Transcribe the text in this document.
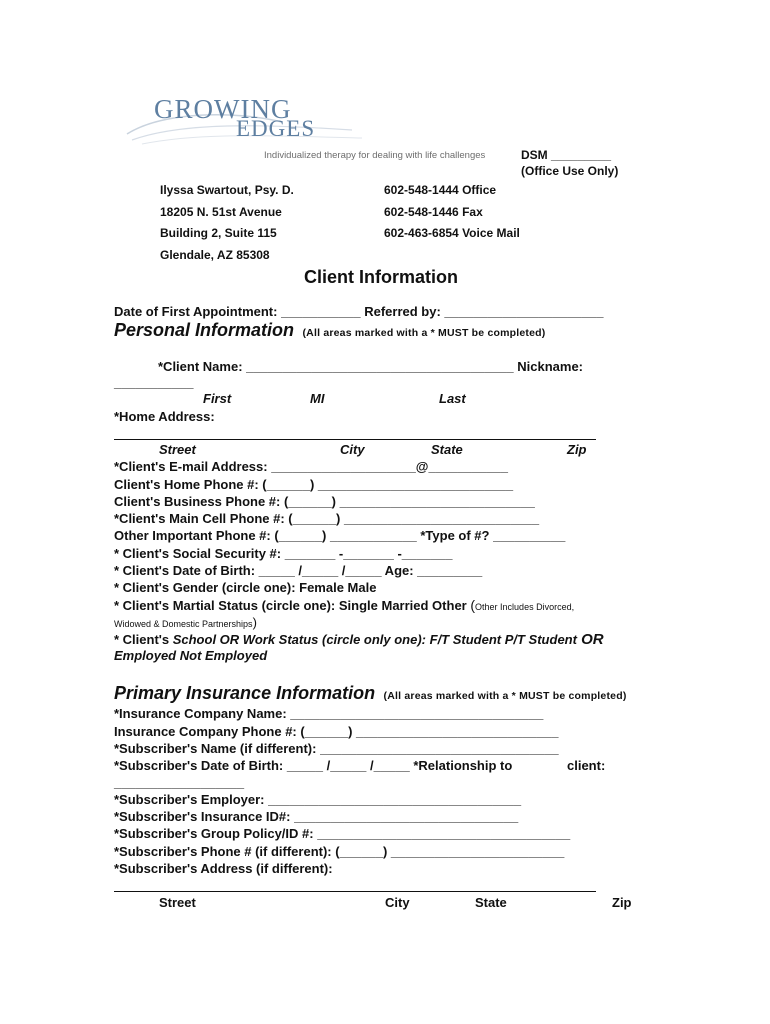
GROWING
EDGES
Individualized therapy for dealing with life challenges	DSM _________
(Office Use Only)
Ilyssa Swartout, Psy. D.	602-548-1444 Office
18205 N. 51st Avenue	602-548-1446 Fax
Building 2, Suite 115	602-463-6854 Voice Mail
Glendale, AZ 85308
Client Information
Date of First Appointment: ___________ Referred by: ______________________
Personal Information (All areas marked with a * MUST be completed)
*Client Name: _____________________________________ Nickname:
___________
First	MI	Last
*Home Address:
Street	City	State	Zip
*Client's E-mail Address: ____________________@___________
Client's Home Phone #: (______) ___________________________
Client's Business Phone #: (______) ___________________________
*Client's Main Cell Phone #: (______) ___________________________
Other Important Phone #: (______) ____________ *Type of #? __________
* Client's Social Security #: _______ -_______ -_______
* Client's Date of Birth: _____ /_____ /_____ Age: _________
* Client's Gender (circle one): Female Male
* Client's Martial Status (circle one): Single Married Other (Other Includes Divorced,
Widowed & Domestic Partnerships)
* Client's School OR Work Status (circle only one): F/T Student P/T Student OR
Employed Not Employed
Primary Insurance Information (All areas marked with a * MUST be completed)
*Insurance Company Name: ___________________________________
Insurance Company Phone #: (______) ____________________________
*Subscriber's Name (if different): _________________________________
*Subscriber's Date of Birth: _____ /_____ /_____ *Relationship to	client:
__________________
*Subscriber's Employer: ___________________________________
*Subscriber's Insurance ID#: _______________________________
*Subscriber's Group Policy/ID #: ___________________________________
*Subscriber's Phone # (if different): (______) ________________________
*Subscriber's Address (if different):
Street	City	State	Zip
